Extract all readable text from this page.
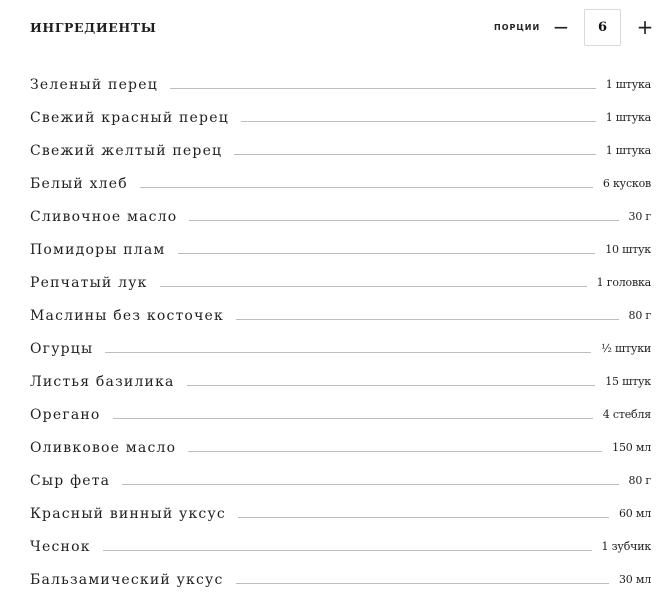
ИНГРЕДИЕНТЫ	ПОРЦИИ −	6	+
Зеленый перец	1 штука
Свежий красный перец	1 штука
Свежий желтый перец	1 штука
Белый хлеб	6 кусков
Сливочное масло	30 г
Помидоры плам	10 штук
Репчатый лук	1 головка
Маслины без косточек	80 г
Огурцы	½ штуки
Листья базилика	15 штук
Орегано	4 стебля
Оливковое масло	150 мл
Сыр фета	80 г
Красный винный уксус	60 мл
Чеснок	1 зубчик
Бальзамический уксус	30 мл
